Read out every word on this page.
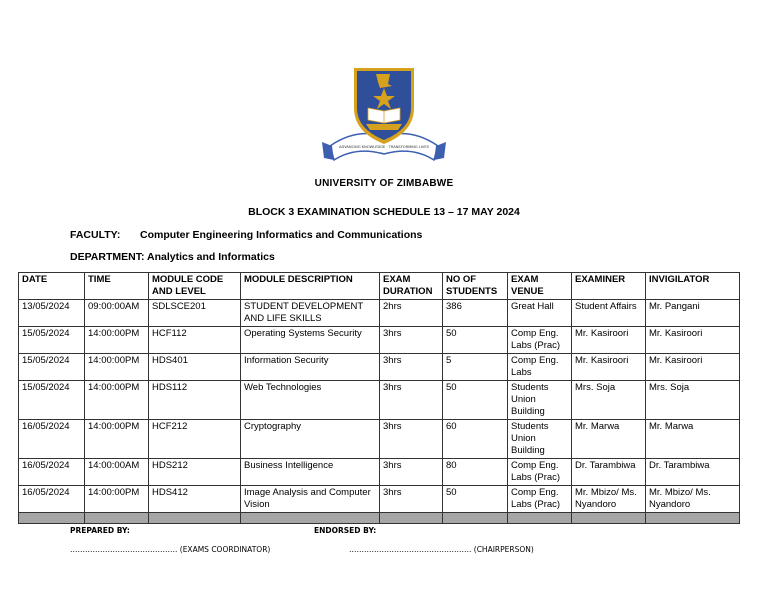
ADVANCING KNOWLEDGE · TRANSFORMING LIVES
UNIVERSITY OF ZIMBABWE
BLOCK 3 EXAMINATION SCHEDULE 13 – 17 MAY 2024
FACULTY: Computer Engineering Informatics and Communications
DEPARTMENT: Analytics and Informatics
DATE	TIME	MODULE CODE AND LEVEL	MODULE DESCRIPTION	EXAM DURATION	NO OF STUDENTS	EXAM VENUE	EXAMINER	INVIGILATOR
13/05/2024	09:00:00AM	SDLSCE201	STUDENT DEVELOPMENT AND LIFE SKILLS	2hrs	386	Great Hall	Student Affairs	Mr. Pangani
15/05/2024	14:00:00PM	HCF112	Operating Systems Security	3hrs	50	Comp Eng. Labs (Prac)	Mr. Kasiroori	Mr. Kasiroori
15/05/2024	14:00:00PM	HDS401	Information Security	3hrs	5	Comp Eng. Labs	Mr. Kasiroori	Mr. Kasiroori
15/05/2024	14:00:00PM	HDS112	Web Technologies	3hrs	50	Students Union Building	Mrs. Soja	Mrs. Soja
16/05/2024	14:00:00PM	HCF212	Cryptography	3hrs	60	Students Union Building	Mr. Marwa	Mr. Marwa
16/05/2024	14:00:00AM	HDS212	Business Intelligence	3hrs	80	Comp Eng. Labs (Prac)	Dr. Tarambiwa	Dr. Tarambiwa
16/05/2024	14:00:00PM	HDS412	Image Analysis and Computer Vision	3hrs	50	Comp Eng. Labs (Prac)	Mr. Mbizo/ Ms. Nyandoro	Mr. Mbizo/ Ms. Nyandoro

PREPARED BY:	ENDORSED BY:
……………………………………. (EXAMS COORDINATOR)	…………………………………………. (CHAIRPERSON)
